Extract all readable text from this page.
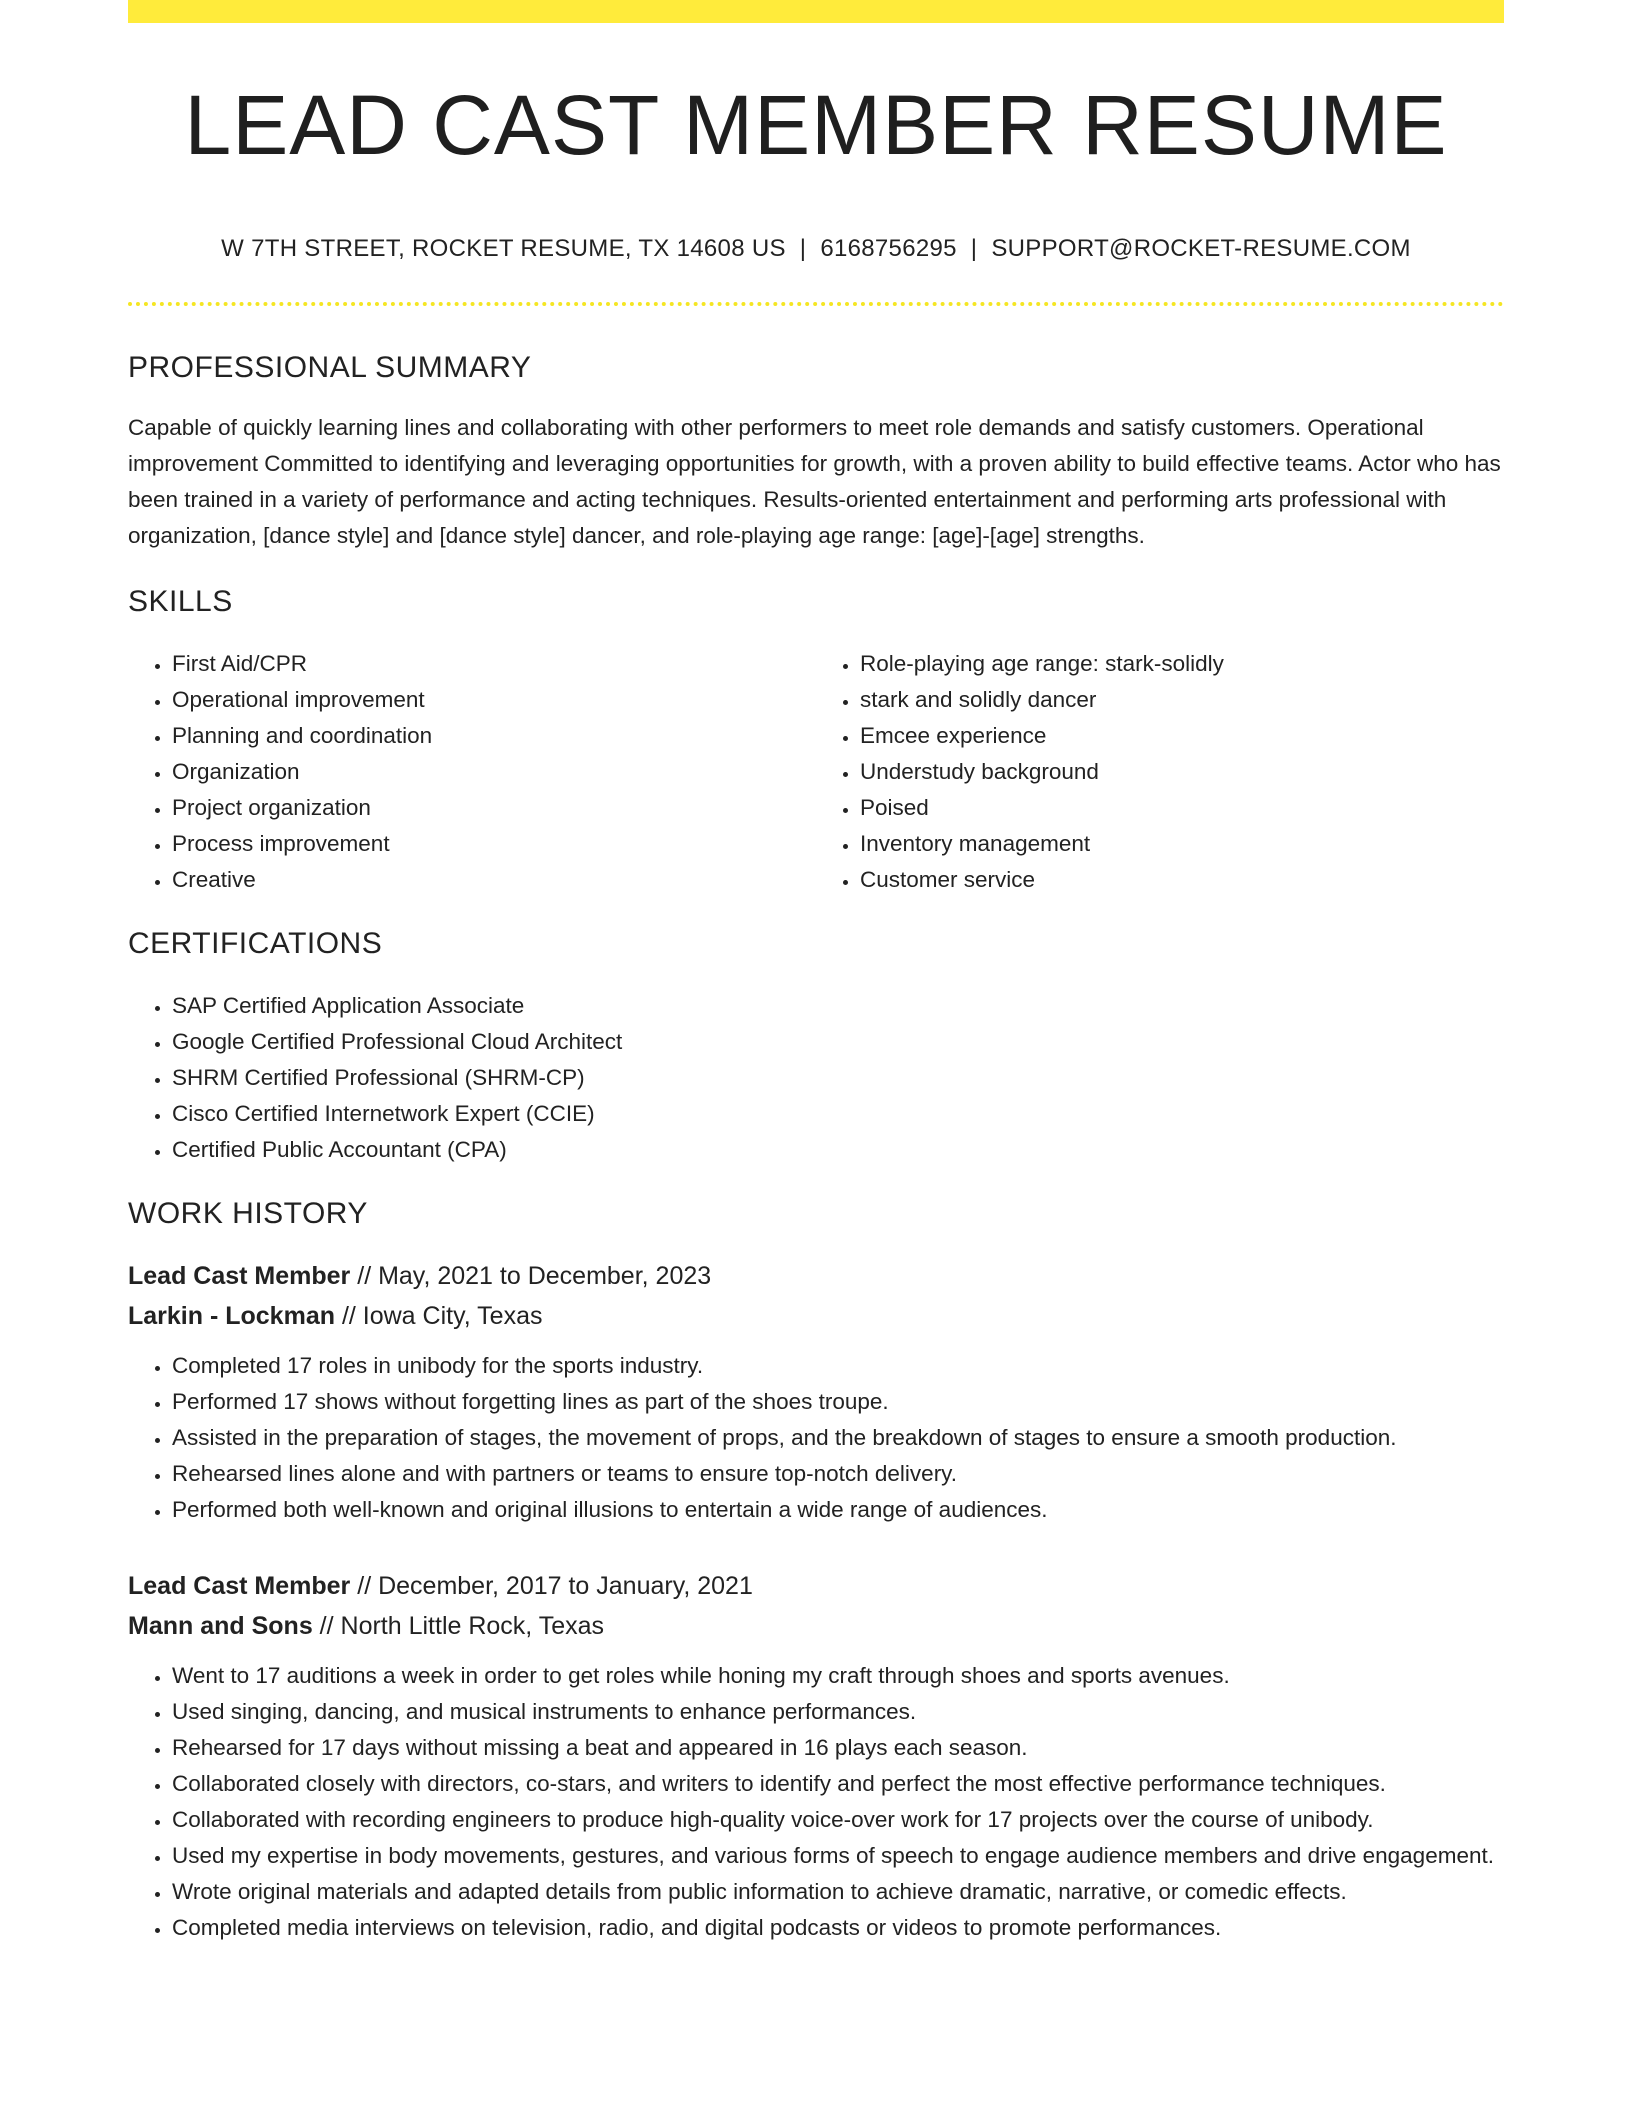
LEAD CAST MEMBER RESUME
W 7TH STREET, ROCKET RESUME, TX 14608 US | 6168756295 | SUPPORT@ROCKET-RESUME.COM
PROFESSIONAL SUMMARY

Capable of quickly learning lines and collaborating with other performers to meet role demands and satisfy customers. Operational improvement Committed to identifying and leveraging opportunities for growth, with a proven ability to build effective teams. Actor who has been trained in a variety of performance and acting techniques. Results-oriented entertainment and performing arts professional with organization, [dance style] and [dance style] dancer, and role-playing age range: [age]-[age] strengths.

SKILLS
• First Aid/CPR
• Operational improvement
• Planning and coordination
• Organization
• Project organization
• Process improvement
• Creative
• Role-playing age range: stark-solidly
• stark and solidly dancer
• Emcee experience
• Understudy background
• Poised
• Inventory management
• Customer service
CERTIFICATIONS
• SAP Certified Application Associate
• Google Certified Professional Cloud Architect
• SHRM Certified Professional (SHRM-CP)
• Cisco Certified Internetwork Expert (CCIE)
• Certified Public Accountant (CPA)
WORK HISTORY
Lead Cast Member // May, 2021 to December, 2023
Larkin - Lockman // Iowa City, Texas
• Completed 17 roles in unibody for the sports industry.
• Performed 17 shows without forgetting lines as part of the shoes troupe.
• Assisted in the preparation of stages, the movement of props, and the breakdown of stages to ensure a smooth production.
• Rehearsed lines alone and with partners or teams to ensure top-notch delivery.
• Performed both well-known and original illusions to entertain a wide range of audiences.
Lead Cast Member // December, 2017 to January, 2021
Mann and Sons // North Little Rock, Texas
• Went to 17 auditions a week in order to get roles while honing my craft through shoes and sports avenues.
• Used singing, dancing, and musical instruments to enhance performances.
• Rehearsed for 17 days without missing a beat and appeared in 16 plays each season.
• Collaborated closely with directors, co-stars, and writers to identify and perfect the most effective performance techniques.
• Collaborated with recording engineers to produce high-quality voice-over work for 17 projects over the course of unibody.
• Used my expertise in body movements, gestures, and various forms of speech to engage audience members and drive engagement.
• Wrote original materials and adapted details from public information to achieve dramatic, narrative, or comedic effects.
• Completed media interviews on television, radio, and digital podcasts or videos to promote performances.
